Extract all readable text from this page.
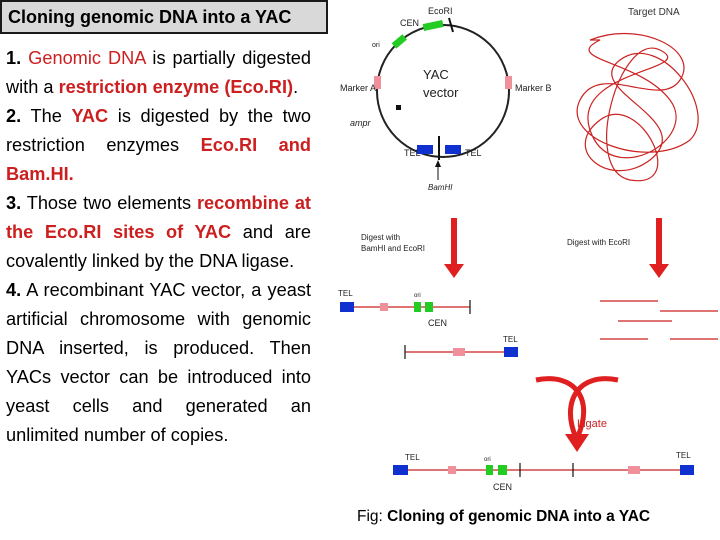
Cloning genomic DNA into a YAC

1. Genomic DNA is partially digested with a restriction enzyme (Eco.RI).

2. The YAC is digested by the two restriction enzymes Eco.RI and Bam.HI.

3. Those two elements recombine at the Eco.RI sites of YAC and are covalently linked by the DNA ligase.

4. A recombinant YAC vector, a yeast artificial chromosome with genomic DNA inserted, is produced. Then YACs vector can be introduced into yeast cells and generated an unlimited number of copies.

EcoRI
CEN
ori
Marker A	Marker B
YAC
vector
ampr
TEL	TEL
BamHI
Target DNA
Digest with
BamHI and EcoRI
Digest with EcoRI
TEL	ori
CEN
TEL
Ligate
TEL	ori
CEN
TEL
Fig: Cloning of genomic DNA into a YAC
